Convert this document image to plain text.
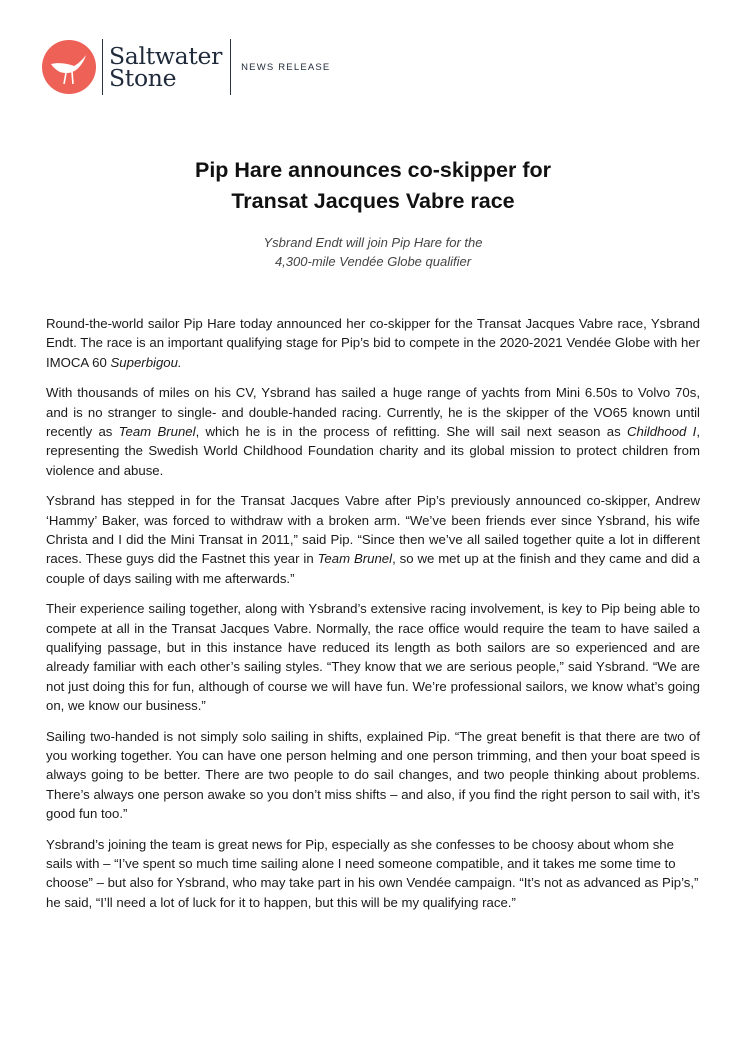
Saltwater
Stone	NEWS RELEASE
Pip Hare announces co-skipper for
Transat Jacques Vabre race
Ysbrand Endt will join Pip Hare for the
4,300-mile Vendée Globe qualifier

Round-the-world sailor Pip Hare today announced her co-skipper for the Transat Jacques Vabre race, Ysbrand Endt. The race is an important qualifying stage for Pip’s bid to compete in the 2020-2021 Vendée Globe with her IMOCA 60 Superbigou.

With thousands of miles on his CV, Ysbrand has sailed a huge range of yachts from Mini 6.50s to Volvo 70s, and is no stranger to single- and double-handed racing. Currently, he is the skipper of the VO65 known until recently as Team Brunel, which he is in the process of refitting. She will sail next season as Childhood I, representing the Swedish World Childhood Foundation charity and its global mission to protect children from violence and abuse.

Ysbrand has stepped in for the Transat Jacques Vabre after Pip’s previously announced co-skipper, Andrew ‘Hammy’ Baker, was forced to withdraw with a broken arm. “We’ve been friends ever since Ysbrand, his wife Christa and I did the Mini Transat in 2011,” said Pip. “Since then we’ve all sailed together quite a lot in different races. These guys did the Fastnet this year in Team Brunel, so we met up at the finish and they came and did a couple of days sailing with me afterwards.”

Their experience sailing together, along with Ysbrand’s extensive racing involvement, is key to Pip being able to compete at all in the Transat Jacques Vabre. Normally, the race office would require the team to have sailed a qualifying passage, but in this instance have reduced its length as both sailors are so experienced and are already familiar with each other’s sailing styles. “They know that we are serious people,” said Ysbrand. “We are not just doing this for fun, although of course we will have fun. We’re professional sailors, we know what’s going on, we know our business.”

Sailing two-handed is not simply solo sailing in shifts, explained Pip. “The great benefit is that there are two of you working together. You can have one person helming and one person trimming, and then your boat speed is always going to be better. There are two people to do sail changes, and two people thinking about problems. There’s always one person awake so you don’t miss shifts – and also, if you find the right person to sail with, it’s good fun too.”

Ysbrand’s joining the team is great news for Pip, especially as she confesses to be choosy about whom she sails with – “I’ve spent so much time sailing alone I need someone compatible, and it takes me some time to choose” – but also for Ysbrand, who may take part in his own Vendée campaign. “It’s not as advanced as Pip’s,” he said, “I’ll need a lot of luck for it to happen, but this will be my qualifying race.”
